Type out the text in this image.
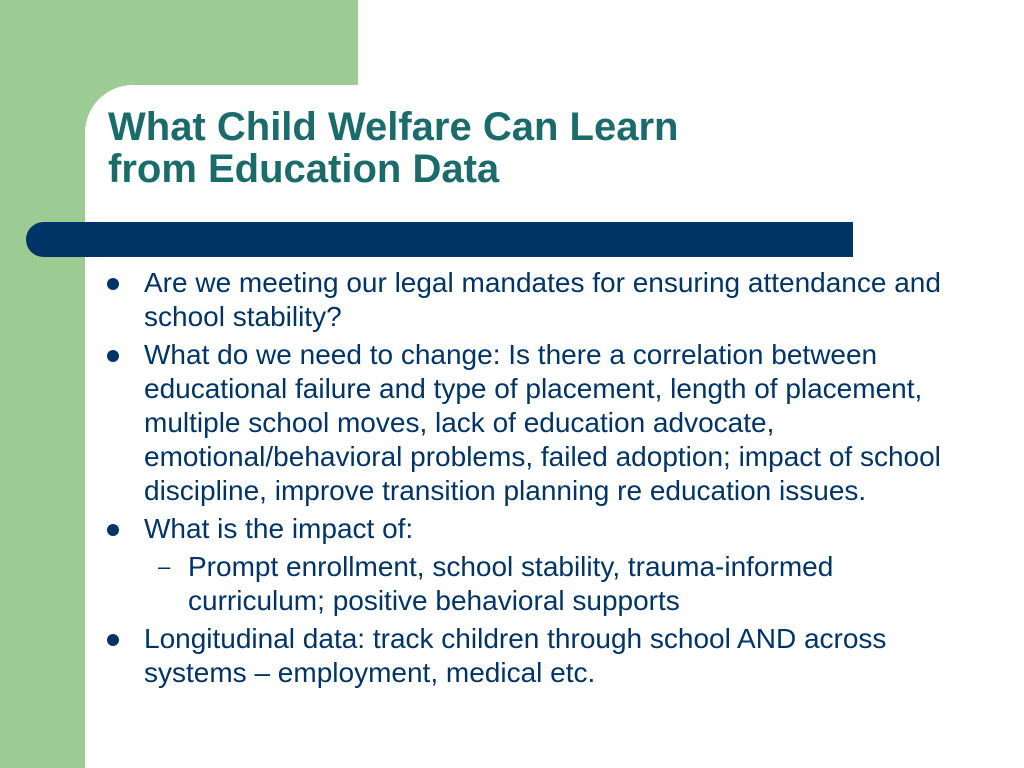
What Child Welfare Can Learn
from Education Data
Are we meeting our legal mandates for ensuring attendance and school stability?
What do we need to change: Is there a correlation between educational failure and type of placement, length of placement, multiple school moves, lack of education advocate, emotional/behavioral problems, failed adoption; impact of school discipline, improve transition planning re education issues.
What is the impact of:
– Prompt enrollment, school stability, trauma-informed curriculum; positive behavioral supports
Longitudinal data: track children through school AND across systems – employment, medical etc.
